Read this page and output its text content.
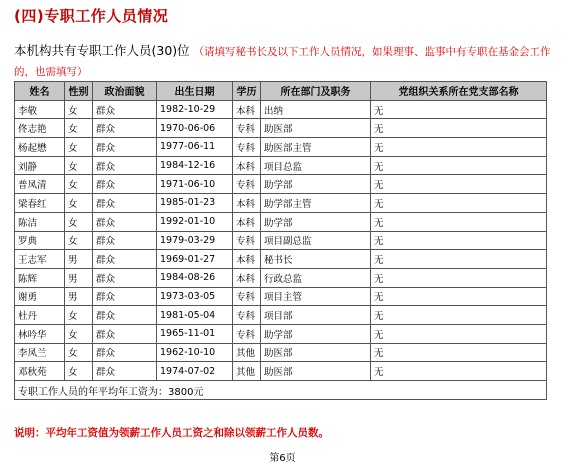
(四)专职工作人员情况
本机构共有专职工作人员(30)位 （请填写秘书长及以下工作人员情况，如果理事、监事中有专职在基金会工作的，也需填写）
姓名	性别	政治面貌	出生日期	学历	所在部门及职务	党组织关系所在党支部名称
李敬	女	群众	1982-10-29	本科	出纳	无
佟志艳	女	群众	1970-06-06	专科	助医部	无
杨起懋	女	群众	1977-06-11	专科	助医部主管	无
刘静	女	群众	1984-12-16	本科	项目总监	无
普凤清	女	群众	1971-06-10	专科	助学部	无
梁春红	女	群众	1985-01-23	本科	助学部主管	无
陈洁	女	群众	1992-01-10	本科	助学部	无
罗典	女	群众	1979-03-29	专科	项目副总监	无
王志军	男	群众	1969-01-27	本科	秘书长	无
陈辉	男	群众	1984-08-26	本科	行政总监	无
谢勇	男	群众	1973-03-05	专科	项目主管	无
杜丹	女	群众	1981-05-04	专科	项目部	无
林吟华	女	群众	1965-11-01	专科	助学部	无
李凤兰	女	群众	1962-10-10	其他	助医部	无
邓秋苑	女	群众	1974-07-02	其他	助医部	无
专职工作人员的年平均年工资为：3800元						
说明：平均年工资值为领薪工作人员工资之和除以领薪工作人员数。
第6页
